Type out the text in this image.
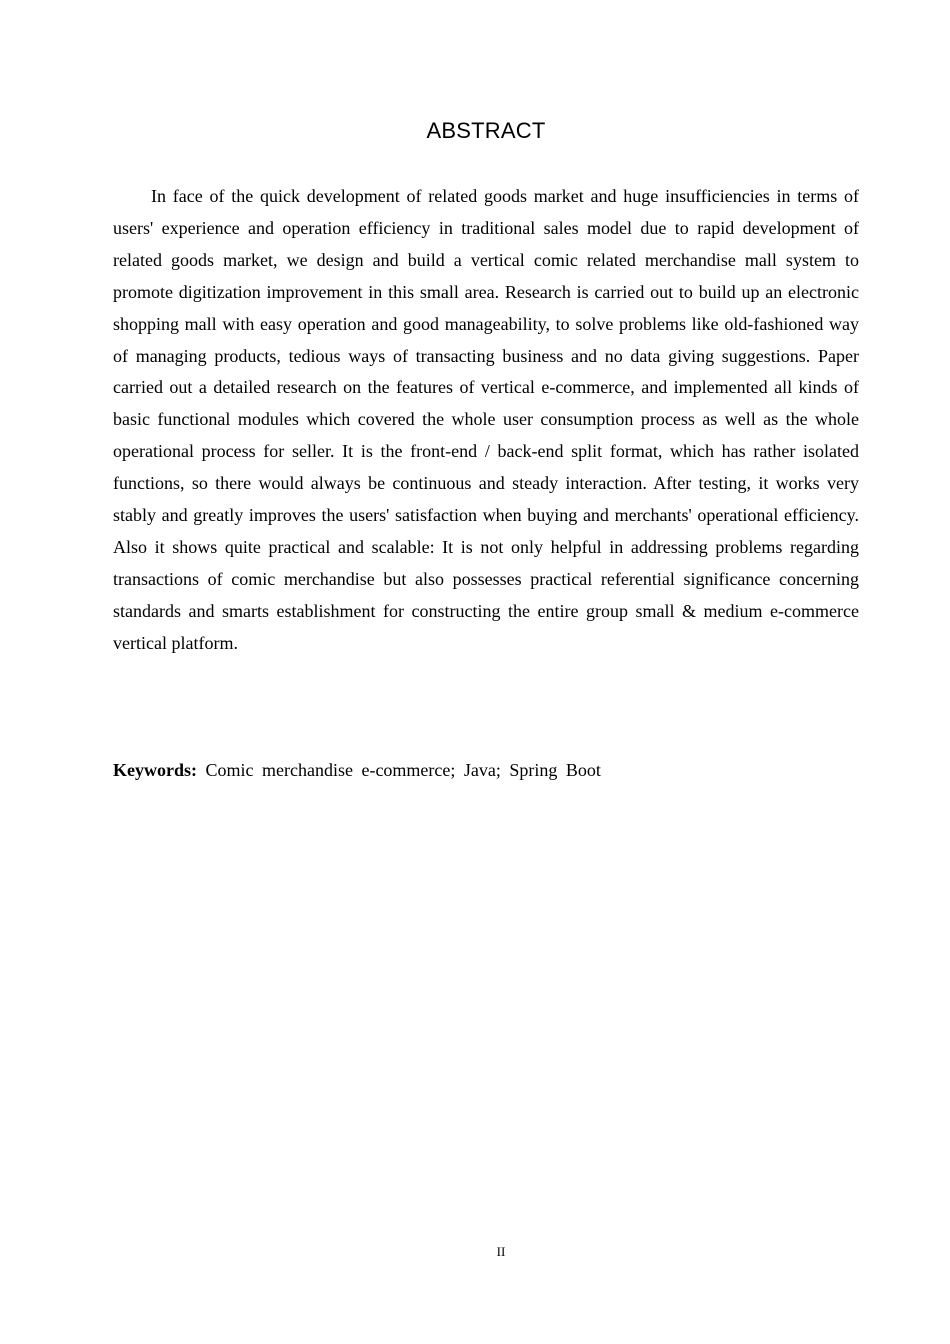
ABSTRACT

In face of the quick development of related goods market and huge insufficiencies in terms of users' experience and operation efficiency in traditional sales model due to rapid development of related goods market, we design and build a vertical comic related merchandise mall system to promote digitization improvement in this small area. Research is carried out to build up an electronic shopping mall with easy operation and good manageability, to solve problems like old-fashioned way of managing products, tedious ways of transacting business and no data giving suggestions. Paper carried out a detailed research on the features of vertical e-commerce, and implemented all kinds of basic functional modules which covered the whole user consumption process as well as the whole operational process for seller. It is the front-end / back-end split format, which has rather isolated functions, so there would always be continuous and steady interaction. After testing, it works very stably and greatly improves the users' satisfaction when buying and merchants' operational efficiency. Also it shows quite practical and scalable: It is not only helpful in addressing problems regarding transactions of comic merchandise but also possesses practical referential significance concerning standards and smarts establishment for constructing the entire group small & medium e-commerce vertical platform.

Keywords: Comic merchandise e-commerce; Java; Spring Boot
II
